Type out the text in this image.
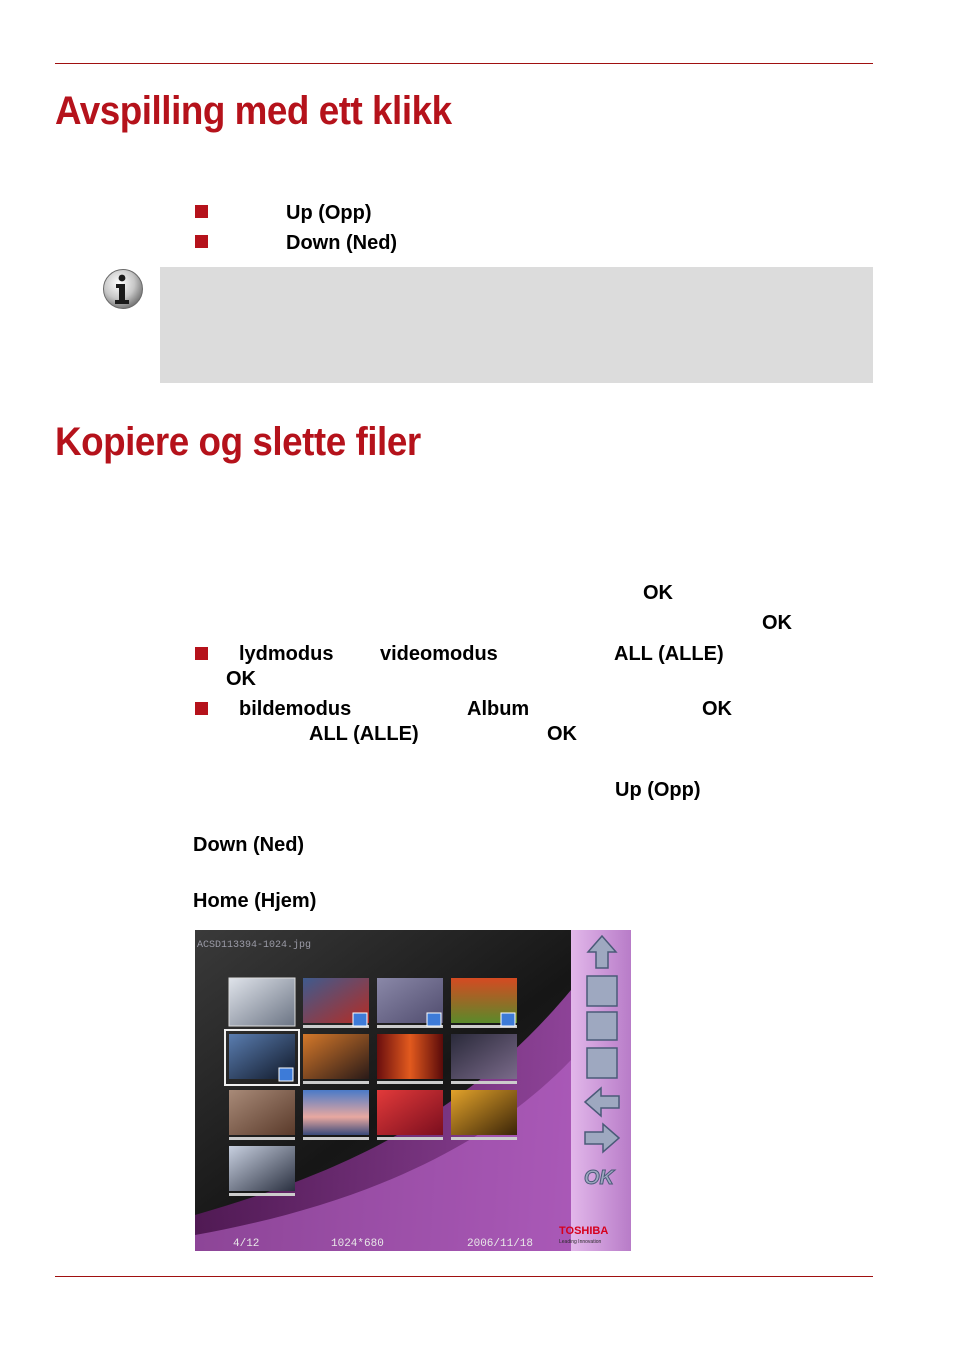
Avspilling med ett klikk
Up (Opp)
Down (Ned)
Kopiere og slette filer
OK
OK
lydmodus videomodus	ALL (ALLE)
OK
bildemodus	Album	OK
ALL (ALLE)	OK
Up (Opp)
Down (Ned)
Home (Hjem)
ACSD113394-1024.jpg
OK
4/12	1024*680	2006/11/18
TOSHIBA
Leading Innovation
